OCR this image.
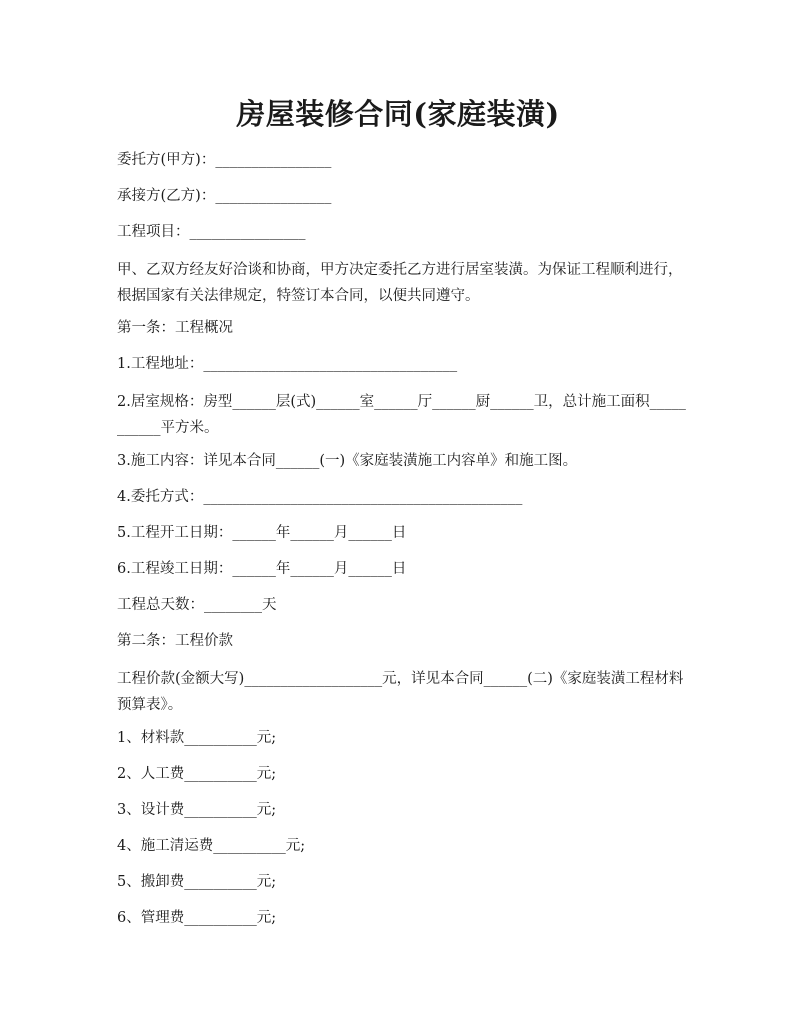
房屋装修合同(家庭装潢)
委托方(甲方)：________________
承接方(乙方)：________________
工程项目：________________
甲、乙双方经友好洽谈和协商，甲方决定委托乙方进行居室装潢。为保证工程顺利进行，根据国家有关法律规定，特签订本合同，以便共同遵守。
第一条：工程概况
1.工程地址：___________________________________
2.居室规格：房型______层(式)______室______厅______厨______卫，总计施工面积___________平方米。
3.施工内容：详见本合同______(一)《家庭装潢施工内容单》和施工图。
4.委托方式：____________________________________________
5.工程开工日期：______年______月______日
6.工程竣工日期：______年______月______日
工程总天数：________天
第二条：工程价款
工程价款(金额大写)___________________元，详见本合同______(二)《家庭装潢工程材料预算表》。
1、材料款__________元;
2、人工费__________元;
3、设计费__________元;
4、施工清运费__________元;
5、搬卸费__________元;
6、管理费__________元;
